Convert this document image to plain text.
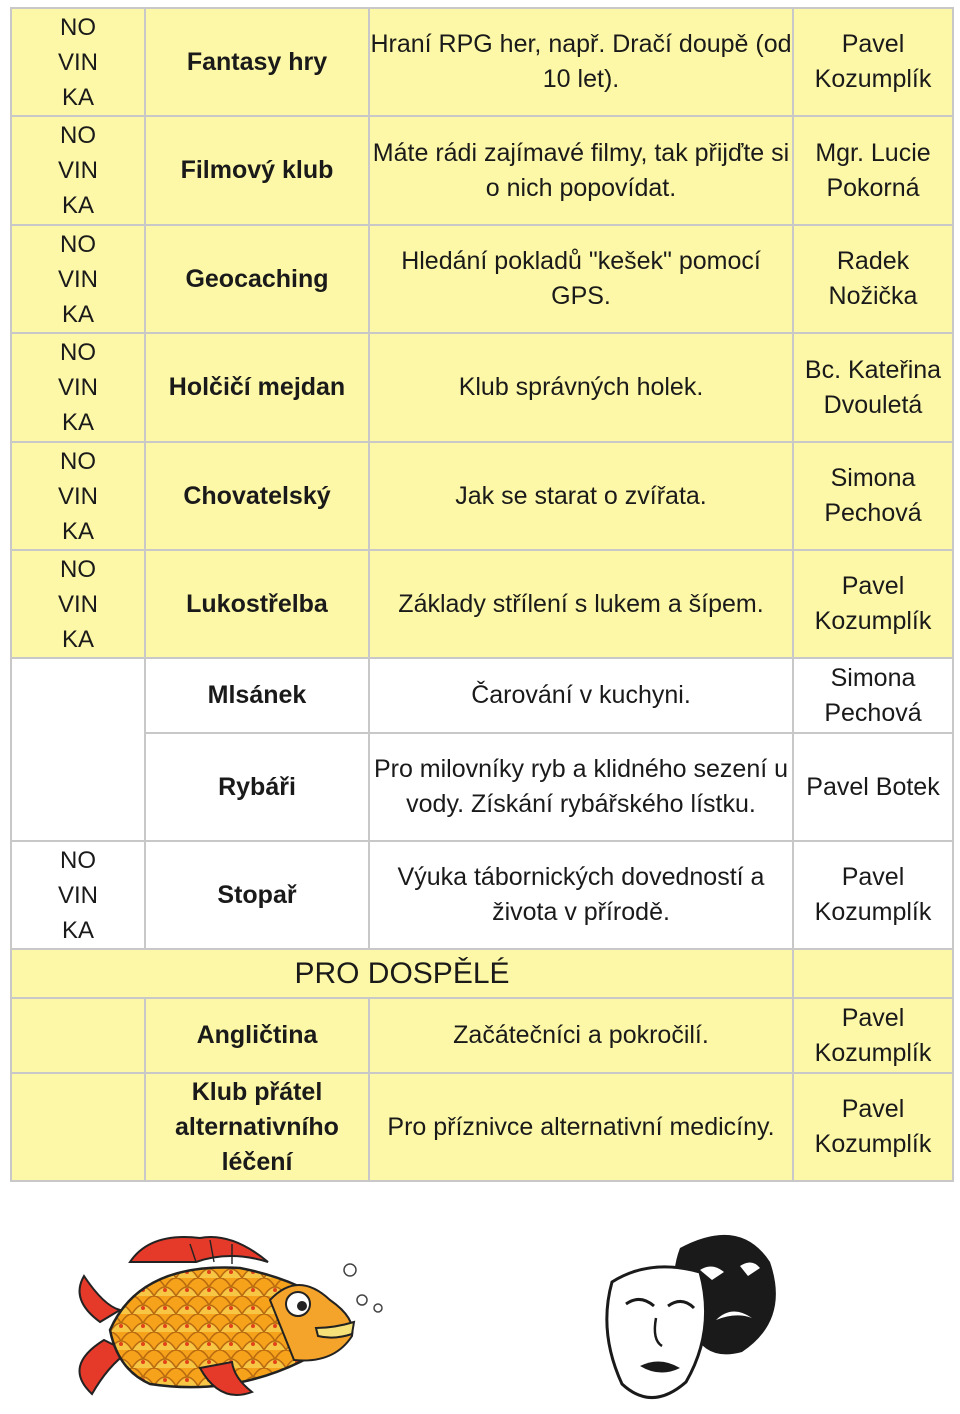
NO
VIN
KA	Fantasy hry	Hraní RPG her, např. Dračí doupě (od 10 let).	Pavel Kozumplík

NO
VIN
KA	Filmový klub	Máte rádi zajímavé filmy, tak přijďte si o nich popovídat.	Mgr. Lucie Pokorná

NO
VIN
KA	Geocaching	Hledání pokladů "kešek" pomocí GPS.	Radek Nožička

NO
VIN
KA	Holčičí mejdan	Klub správných holek.	Bc. Kateřina Dvouletá

NO
VIN
KA	Chovatelský	Jak se starat o zvířata.	Simona Pechová

NO
VIN
KA	Lukostřelba	Základy střílení s lukem a šípem.	Pavel Kozumplík
	Mlsánek	Čarování v kuchyni.	Simona Pechová
	Rybáři	Pro milovníky ryb a klidného sezení u vody. Získání rybářského lístku.	Pavel Botek

NO
VIN
KA	Stopař	Výuka tábornických dovedností a života v přírodě.	Pavel Kozumplík
PRO DOSPĚLÉ			
	Angličtina	Začátečníci a pokročilí.	Pavel Kozumplík
	Klub přátel alternativního léčení	Pro příznivce alternativní medicíny.	Pavel Kozumplík
